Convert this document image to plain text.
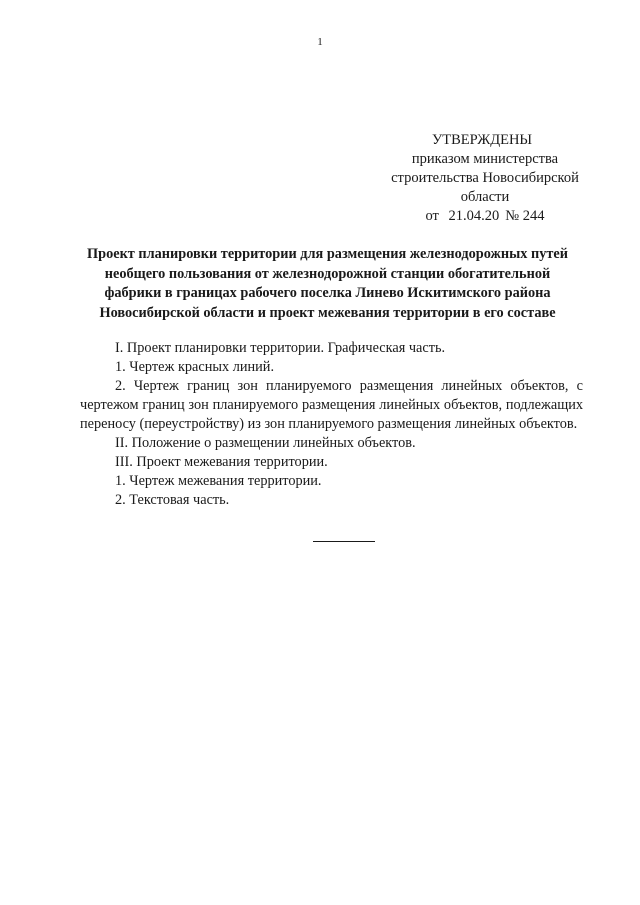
1
УТВЕРЖДЕНЫ
приказом министерства
строительства Новосибирской
области
от 21.04.20 № 244
Проект планировки территории для размещения железнодорожных путей
необщего пользования от железнодорожной станции обогатительной
фабрики в границах рабочего поселка Линево Искитимского района
Новосибирской области и проект межевания территории в его составе

I. Проект планировки территории. Графическая часть.

1. Чертеж красных линий.

2. Чертеж границ зон планируемого размещения линейных объектов, с чертежом границ зон планируемого размещения линейных объектов, подлежащих переносу (переустройству) из зон планируемого размещения линейных объектов.

II. Положение о размещении линейных объектов.

III. Проект межевания территории.

1. Чертеж межевания территории.

2. Текстовая часть.
